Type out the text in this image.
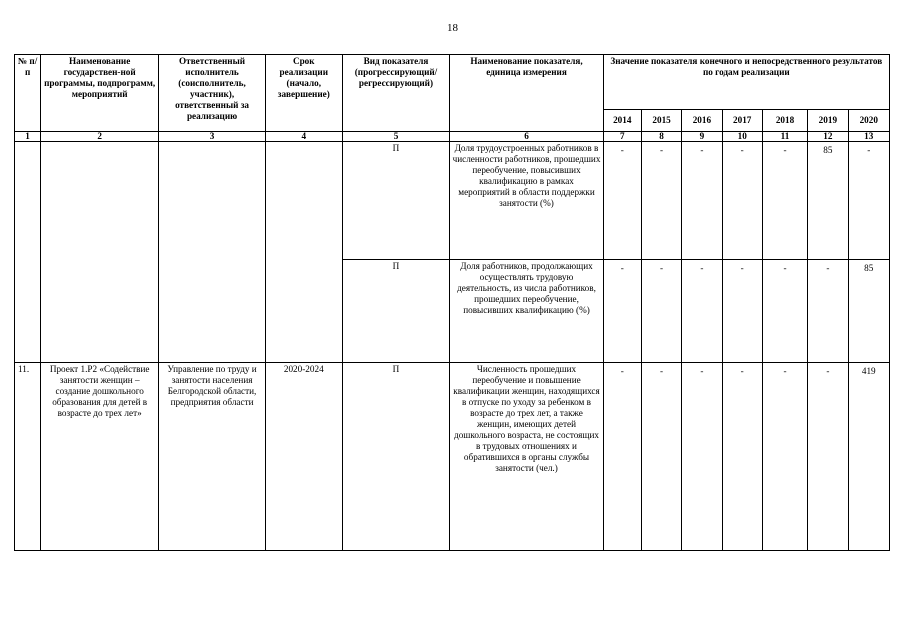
18
№ п/п	Наименование государствен-ной программы, подпрограмм, мероприятий	Ответственный исполнитель (соисполнитель, участник), ответственный за реализацию	Срок реализации (начало, завершение)	Вид показателя (прогрессирующий/ регрессирующий)	Наименование показателя, единица измерения	Значение показателя конечного и непосредственного результатов по годам реализации						
						2014	2015	2016	2017	2018	2019	2020
1	2	3	4	5	6	7	8	9	10	11	12	13
				П	Доля трудоустроенных работников в численности работников, прошедших переобучение, повысивших квалификацию в рамках мероприятий в области поддержки занятости (%)	-	-	-	-	-	85	-
				П	Доля работников, продолжающих осуществлять трудовую деятельность, из числа работников, прошедших переобучение, повысивших квалификацию (%)	-	-	-	-	-	-	85
11.	Проект 1.Р2 «Содействие занятости женщин – создание дошкольного образования для детей в возрасте до трех лет»	Управление по труду и занятости населения Белгородской области, предприятия области	2020-2024	П	Численность прошедших переобучение и повышение квалификации женщин, находящихся в отпуске по уходу за ребенком в возрасте до трех лет, а также женщин, имеющих детей дошкольного возраста, не состоящих в трудовых отношениях и обратившихся в органы службы занятости (чел.)	-	-	-	-	-	-	419
